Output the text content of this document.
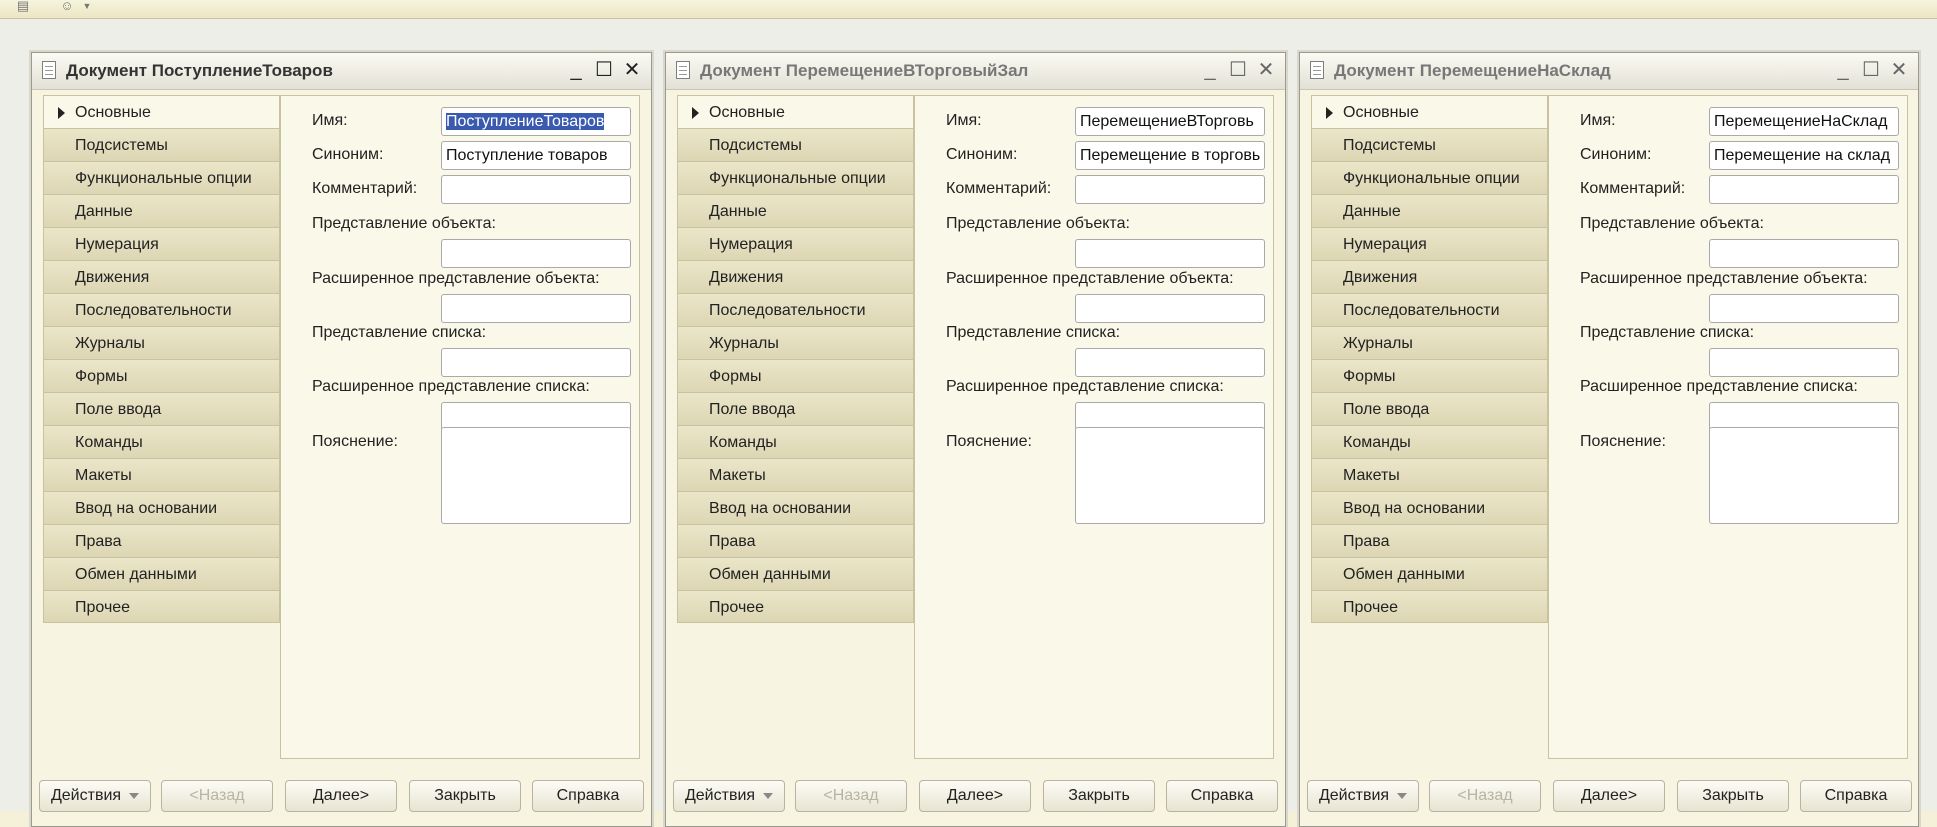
▤ ☺ ▼
Документ ПоступлениеТоваров	_ ☐ ✕
Основные
Подсистемы
Функциональные опции
Данные
Нумерация
Движения
Последовательности
Журналы
Формы
Поле ввода
Команды
Макеты
Ввод на основании
Права
Обмен данными
Прочее
Имя:	ПоступлениеТоваров
Синоним:	Поступление товаров
Комментарий:
Представление объекта:
Расширенное представление объекта:
Представление списка:
Расширенное представление списка:
Пояснение:
Действия	<Назад	Далее>	Закрыть	Справка
Документ ПеремещениеВТорговыйЗал	_ ☐ ✕
Основные
Подсистемы
Функциональные опции
Данные
Нумерация
Движения
Последовательности
Журналы
Формы
Поле ввода
Команды
Макеты
Ввод на основании
Права
Обмен данными
Прочее
Имя:	ПеремещениеВТорговь
Синоним:	Перемещение в торговь
Комментарий:
Представление объекта:
Расширенное представление объекта:
Представление списка:
Расширенное представление списка:
Пояснение:
Действия	<Назад	Далее>	Закрыть	Справка
Документ ПеремещениеНаСклад	_ ☐ ✕
Основные
Подсистемы
Функциональные опции
Данные
Нумерация
Движения
Последовательности
Журналы
Формы
Поле ввода
Команды
Макеты
Ввод на основании
Права
Обмен данными
Прочее
Имя:	ПеремещениеНаСклад
Синоним:	Перемещение на склад
Комментарий:
Представление объекта:
Расширенное представление объекта:
Представление списка:
Расширенное представление списка:
Пояснение:
Действия	<Назад	Далее>	Закрыть	Справка
